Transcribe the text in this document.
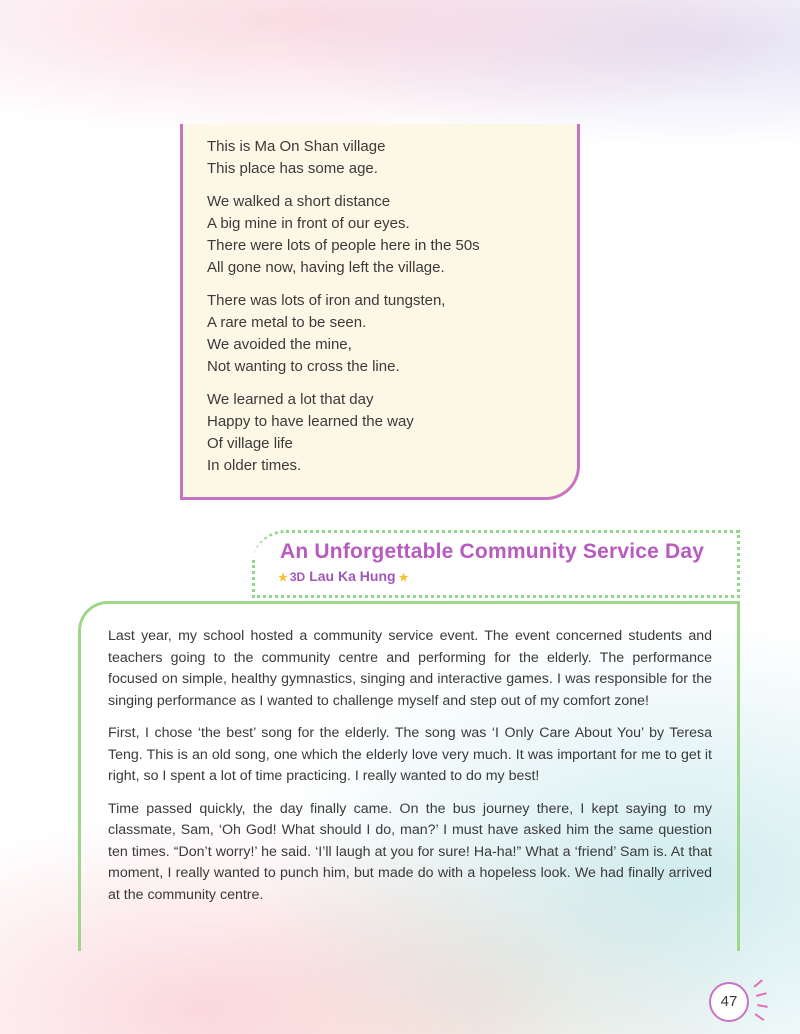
This is Ma On Shan village
This place has some age.
We walked a short distance
A big mine in front of our eyes.
There were lots of people here in the 50s
All gone now, having left the village.
There was lots of iron and tungsten,
A rare metal to be seen.
We avoided the mine,
Not wanting to cross the line.
We learned a lot that day
Happy to have learned the way
Of village life
In older times.
An Unforgettable Community Service Day
★ 3D Lau Ka Hung ★

Last year, my school hosted a community service event. The event concerned students and teachers going to the community centre and performing for the elderly. The performance focused on simple, healthy gymnastics, singing and interactive games. I was responsible for the singing performance as I wanted to challenge myself and step out of my comfort zone!

First, I chose ‘the best’ song for the elderly. The song was ‘I Only Care About You’ by Teresa Teng. This is an old song, one which the elderly love very much. It was important for me to get it right, so I spent a lot of time practicing. I really wanted to do my best!

Time passed quickly, the day finally came. On the bus journey there, I kept saying to my classmate, Sam, ‘Oh God! What should I do, man?’ I must have asked him the same question ten times. “Don’t worry!’ he said. ‘I’ll laugh at you for sure! Ha-ha!” What a ‘friend’ Sam is. At that moment, I really wanted to punch him, but made do with a hopeless look. We had finally arrived at the community centre.

47
